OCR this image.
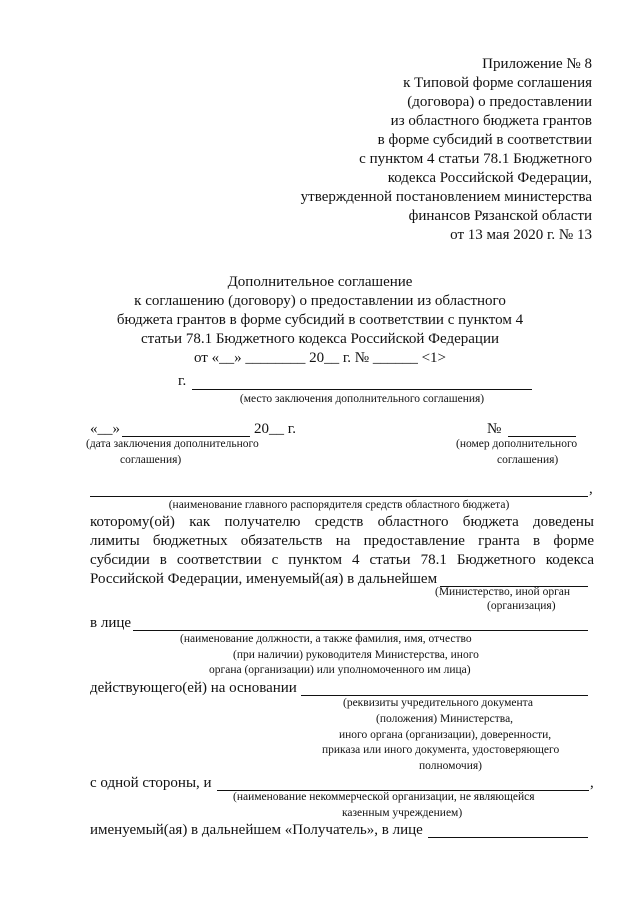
Приложение № 8
к Типовой форме соглашения
(договора) о предоставлении
из областного бюджета грантов
в форме субсидий в соответствии
с пунктом 4 статьи 78.1 Бюджетного
кодекса Российской Федерации,
утвержденной постановлением министерства
финансов Рязанской области
от 13 мая 2020 г. № 13
Дополнительное соглашение
к соглашению (договору) о предоставлении из областного
бюджета грантов в форме субсидий в соответствии с пунктом 4
статьи 78.1 Бюджетного кодекса Российской Федерации
от «__» ________ 20__ г. № ______ <1>
г.
(место заключения дополнительного соглашения)
«__»	20__ г.
(дата заключения дополнительного
соглашения)
№
(номер дополнительного
соглашения)
,
(наименование главного распорядителя средств областного бюджета)
которому(ой) как получателю средств областного бюджета доведены
лимиты бюджетных обязательств на предоставление гранта в форме
субсидии в соответствии с пунктом 4 статьи 78.1 Бюджетного кодекса
Российской Федерации, именуемый(ая) в дальнейшем
(Министерство, иной орган
(организация)
в лице
(наименование должности, а также фамилия, имя, отчество
(при наличии) руководителя Министерства, иного
органа (организации) или уполномоченного им лица)
действующего(ей) на основании
(реквизиты учредительного документа
(положения) Министерства,
иного органа (организации), доверенности,
приказа или иного документа, удостоверяющего
полномочия)
с одной стороны, и	,
(наименование некоммерческой организации, не являющейся
казенным учреждением)
именуемый(ая) в дальнейшем «Получатель», в лице
